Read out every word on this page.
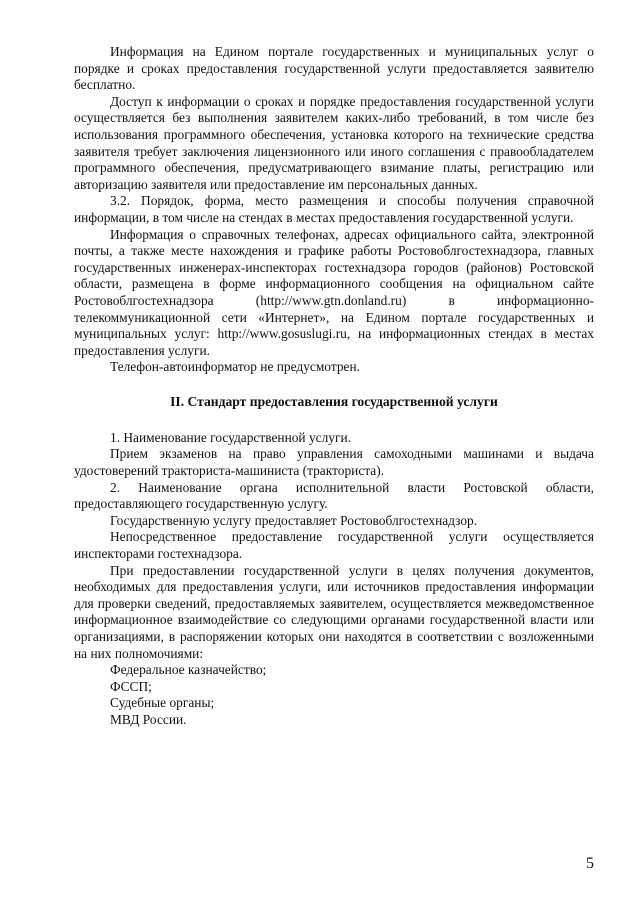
Информация на Едином портале государственных и муниципальных услуг о порядке и сроках предоставления государственной услуги предоставляется заявителю бесплатно.

Доступ к информации о сроках и порядке предоставления государственной услуги осуществляется без выполнения заявителем каких-либо требований, в том числе без использования программного обеспечения, установка которого на технические средства заявителя требует заключения лицензионного или иного соглашения с правообладателем программного обеспечения, предусматривающего взимание платы, регистрацию или авторизацию заявителя или предоставление им персональных данных.

3.2. Порядок, форма, место размещения и способы получения справочной информации, в том числе на стендах в местах предоставления государственной услуги.

Информация о справочных телефонах, адресах официального сайта, электронной почты, а также месте нахождения и графике работы Ростовоблгостехнадзора, главных государственных инженерах-инспекторах гостехнадзора городов (районов) Ростовской области, размещена в форме информационного сообщения на официальном сайте Ростовоблгостехнадзора (http://www.gtn.donland.ru) в информационно-телекоммуникационной сети «Интернет», на Едином портале государственных и муниципальных услуг: http://www.gosuslugi.ru, на информационных стендах в местах предоставления услуги.

Телефон-автоинформатор не предусмотрен.

II. Стандарт предоставления государственной услуги

1. Наименование государственной услуги.

Прием экзаменов на право управления самоходными машинами и выдача удостоверений тракториста-машиниста (тракториста).

2. Наименование органа исполнительной власти Ростовской области, предоставляющего государственную услугу.

Государственную услугу предоставляет Ростовоблгостехнадзор.

Непосредственное предоставление государственной услуги осуществляется инспекторами гостехнадзора.

При предоставлении государственной услуги в целях получения документов, необходимых для предоставления услуги, или источников предоставления информации для проверки сведений, предоставляемых заявителем, осуществляется межведомственное информационное взаимодействие со следующими органами государственной власти или организациями, в распоряжении которых они находятся в соответствии с возложенными на них полномочиями:

Федеральное казначейство;

ФССП;

Судебные органы;

МВД России.

5
